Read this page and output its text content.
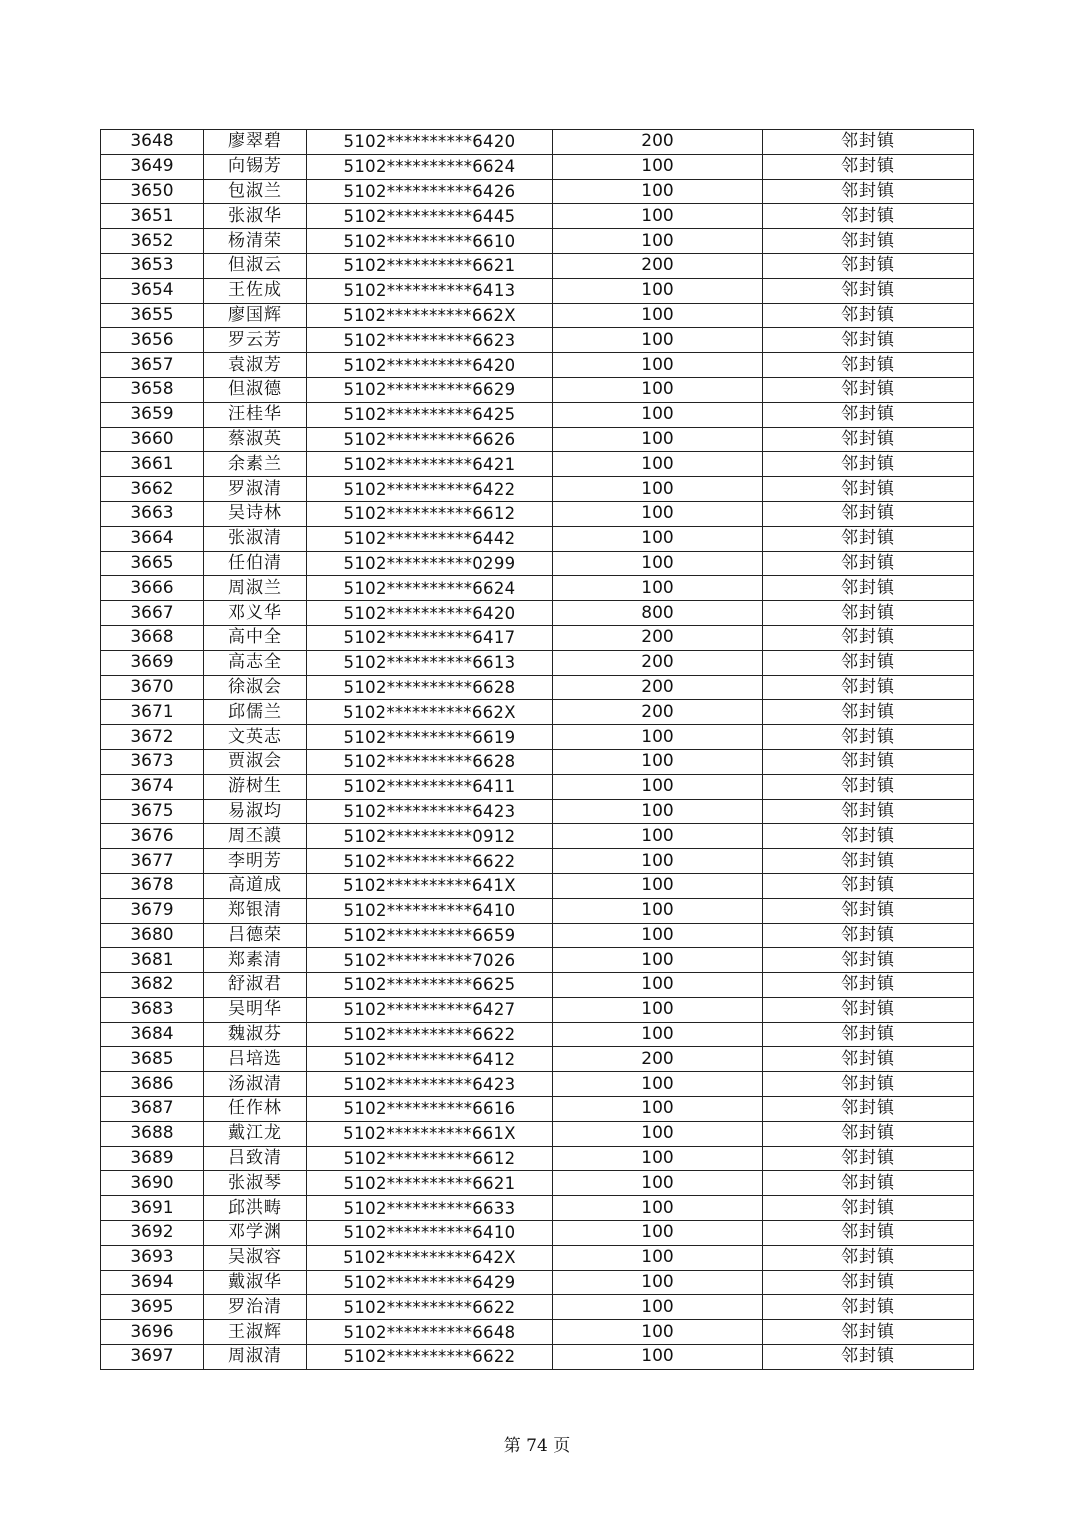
3648	廖翠碧	5102**********6420	200	邻封镇
3649	向锡芳	5102**********6624	100	邻封镇
3650	包淑兰	5102**********6426	100	邻封镇
3651	张淑华	5102**********6445	100	邻封镇
3652	杨清荣	5102**********6610	100	邻封镇
3653	但淑云	5102**********6621	200	邻封镇
3654	王佐成	5102**********6413	100	邻封镇
3655	廖国辉	5102**********662X	100	邻封镇
3656	罗云芳	5102**********6623	100	邻封镇
3657	袁淑芳	5102**********6420	100	邻封镇
3658	但淑德	5102**********6629	100	邻封镇
3659	汪桂华	5102**********6425	100	邻封镇
3660	蔡淑英	5102**********6626	100	邻封镇
3661	余素兰	5102**********6421	100	邻封镇
3662	罗淑清	5102**********6422	100	邻封镇
3663	吴诗林	5102**********6612	100	邻封镇
3664	张淑清	5102**********6442	100	邻封镇
3665	任伯清	5102**********0299	100	邻封镇
3666	周淑兰	5102**********6624	100	邻封镇
3667	邓义华	5102**********6420	800	邻封镇
3668	高中全	5102**********6417	200	邻封镇
3669	高志全	5102**********6613	200	邻封镇
3670	徐淑会	5102**********6628	200	邻封镇
3671	邱儒兰	5102**********662X	200	邻封镇
3672	文英志	5102**********6619	100	邻封镇
3673	贾淑会	5102**********6628	100	邻封镇
3674	游树生	5102**********6411	100	邻封镇
3675	易淑均	5102**********6423	100	邻封镇
3676	周丕謨	5102**********0912	100	邻封镇
3677	李明芳	5102**********6622	100	邻封镇
3678	高道成	5102**********641X	100	邻封镇
3679	郑银清	5102**********6410	100	邻封镇
3680	吕德荣	5102**********6659	100	邻封镇
3681	郑素清	5102**********7026	100	邻封镇
3682	舒淑君	5102**********6625	100	邻封镇
3683	吴明华	5102**********6427	100	邻封镇
3684	魏淑芬	5102**********6622	100	邻封镇
3685	吕培选	5102**********6412	200	邻封镇
3686	汤淑清	5102**********6423	100	邻封镇
3687	任作林	5102**********6616	100	邻封镇
3688	戴江龙	5102**********661X	100	邻封镇
3689	吕致清	5102**********6612	100	邻封镇
3690	张淑琴	5102**********6621	100	邻封镇
3691	邱洪畴	5102**********6633	100	邻封镇
3692	邓学渊	5102**********6410	100	邻封镇
3693	吴淑容	5102**********642X	100	邻封镇
3694	戴淑华	5102**********6429	100	邻封镇
3695	罗治清	5102**********6622	100	邻封镇
3696	王淑辉	5102**********6648	100	邻封镇
3697	周淑清	5102**********6622	100	邻封镇
第 74 页
